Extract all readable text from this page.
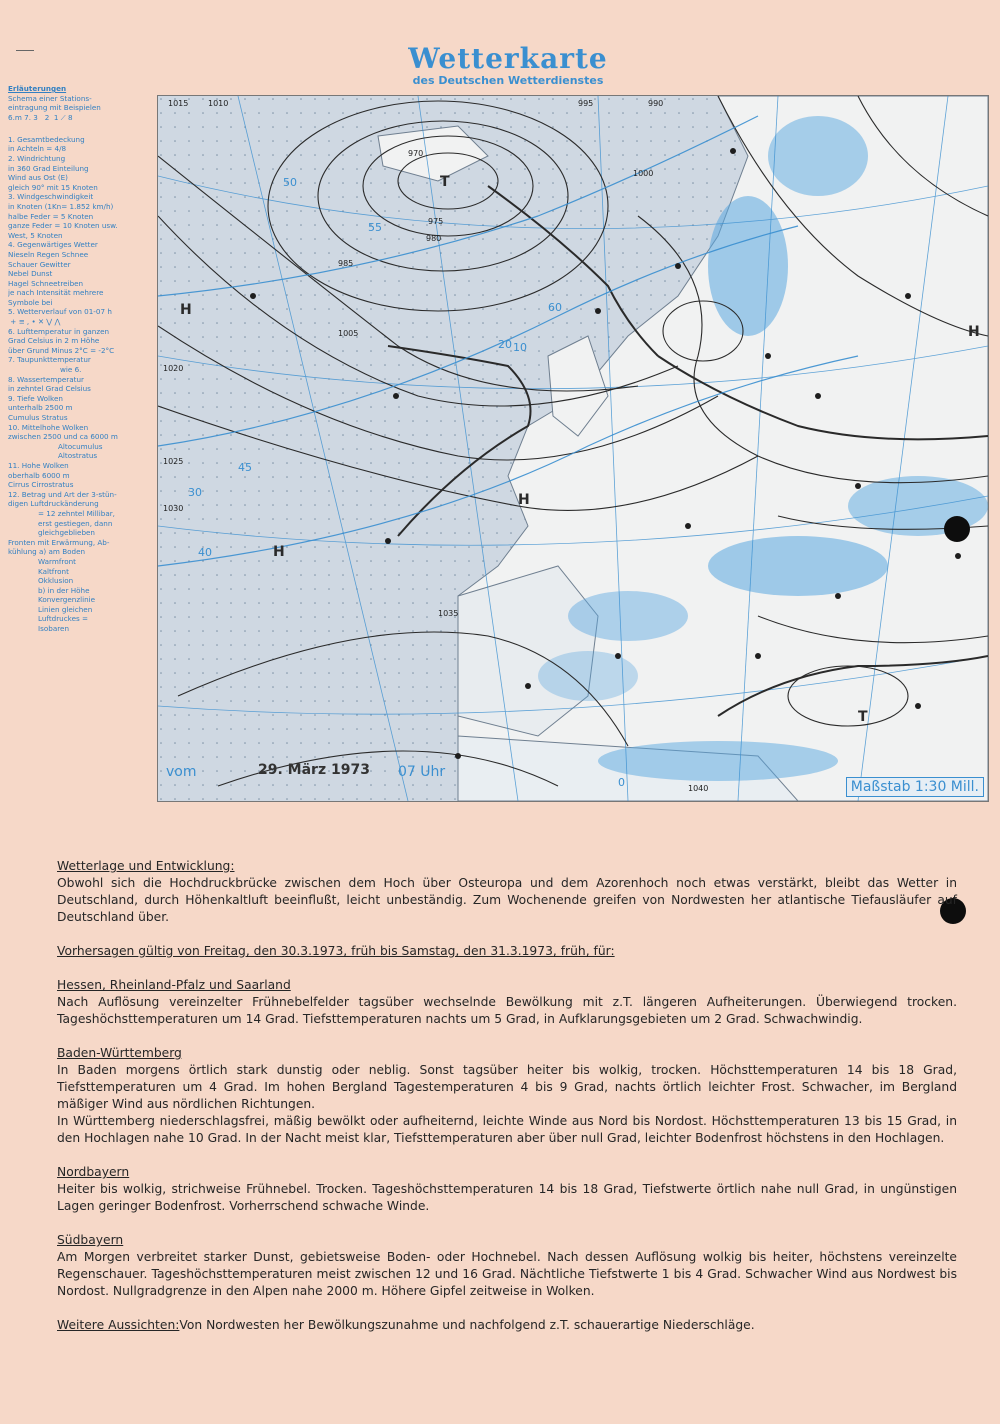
Wetterkarte
des Deutschen Wetterdienstes
Erläuterungen
Schema einer Stations-
eintragung mit Beispielen
6.m 7. 3   2  1 ⟋ 8
1. Gesamtbedeckung
in Achteln = 4/8
2. Windrichtung
in 360 Grad Einteilung
Wind aus Ost (E)
gleich 90° mit 15 Knoten
3. Windgeschwindigkeit
in Knoten (1Kn= 1.852 km/h)
halbe Feder = 5 Knoten
ganze Feder = 10 Knoten usw.
West, 5 Knoten
4. Gegenwärtiges Wetter
Nieseln Regen Schnee
Schauer Gewitter
Nebel Dunst
Hagel Schneetreiben
je nach Intensität mehrere
Symbole bei
5. Wetterverlauf von 01-07 h
+ ≡ , • ✕ ⋁ ⋀
6. Lufttemperatur in ganzen
Grad Celsius in 2 m Höhe
über Grund Minus 2°C = -2°C
7. Taupunkttemperatur
wie 6.
8. Wassertemperatur
in zehntel Grad Celsius
9. Tiefe Wolken
unterhalb 2500 m
Cumulus Stratus
10. Mittelhohe Wolken
zwischen 2500 und ca 6000 m
Altocumulus
Altostratus
11. Hohe Wolken
oberhalb 6000 m
Cirrus Cirrostratus
12. Betrag und Art der 3-stün-
digen Luftdruckänderung
= 12 zehntel Millibar,
erst gestiegen, dann
gleichgeblieben
Fronten mit Erwärmung, Ab-
kühlung a) am Boden
Warmfront
Kaltfront
Okklusion
b) in der Höhe
Konvergenzlinie
Linien gleichen
Luftdruckes =
Isobaren
1015 1010
1005
1000
995	990
985
980
975
970
1020
1025
1030
1035
1040
50
55
60
45
40
30
20 10
0
T
H
H
H
T
H
vom	29. März 1973 07 Uhr
Maßstab 1:30 Mill.
Wetterlage und Entwicklung:

Obwohl sich die Hochdruckbrücke zwischen dem Hoch über Osteuropa und dem Azorenhoch noch etwas verstärkt, bleibt das Wetter in Deutschland, durch Höhenkaltluft beeinflußt, leicht unbeständig. Zum Wochenende greifen von Nordwesten her atlantische Tiefausläufer auf Deutschland über.

Vorhersagen gültig von Freitag, den 30.3.1973, früh bis Samstag, den 31.3.1973, früh, für:
Hessen, Rheinland-Pfalz und Saarland

Nach Auflösung vereinzelter Frühnebelfelder tagsüber wechselnde Bewölkung mit z.T. längeren Aufheiterungen. Überwiegend trocken. Tageshöchsttemperaturen um 14 Grad. Tiefsttemperaturen nachts um 5 Grad, in Aufklarungsgebieten um 2 Grad. Schwachwindig.

Baden-Württemberg

In Baden morgens örtlich stark dunstig oder neblig. Sonst tagsüber heiter bis wolkig, trocken. Höchsttemperaturen 14 bis 18 Grad, Tiefsttemperaturen um 4 Grad. Im hohen Bergland Tagestemperaturen 4 bis 9 Grad, nachts örtlich leichter Frost. Schwacher, im Bergland mäßiger Wind aus nördlichen Richtungen.

In Württemberg niederschlagsfrei, mäßig bewölkt oder aufheiternd, leichte Winde aus Nord bis Nordost. Höchsttemperaturen 13 bis 15 Grad, in den Hochlagen nahe 10 Grad. In der Nacht meist klar, Tiefsttemperaturen aber über null Grad, leichter Bodenfrost höchstens in den Hochlagen.

Nordbayern

Heiter bis wolkig, strichweise Frühnebel. Trocken. Tageshöchsttemperaturen 14 bis 18 Grad, Tiefstwerte örtlich nahe null Grad, in ungünstigen Lagen geringer Bodenfrost. Vorherrschend schwache Winde.

Südbayern

Am Morgen verbreitet starker Dunst, gebietsweise Boden- oder Hochnebel. Nach dessen Auflösung wolkig bis heiter, höchstens vereinzelte Regenschauer. Tageshöchsttemperaturen meist zwischen 12 und 16 Grad. Nächtliche Tiefstwerte 1 bis 4 Grad. Schwacher Wind aus Nordwest bis Nordost. Nullgradgrenze in den Alpen nahe 2000 m. Höhere Gipfel zeitweise in Wolken.

Weitere Aussichten:Von Nordwesten her Bewölkungszunahme und nachfolgend z.T. schauerartige Niederschläge.
